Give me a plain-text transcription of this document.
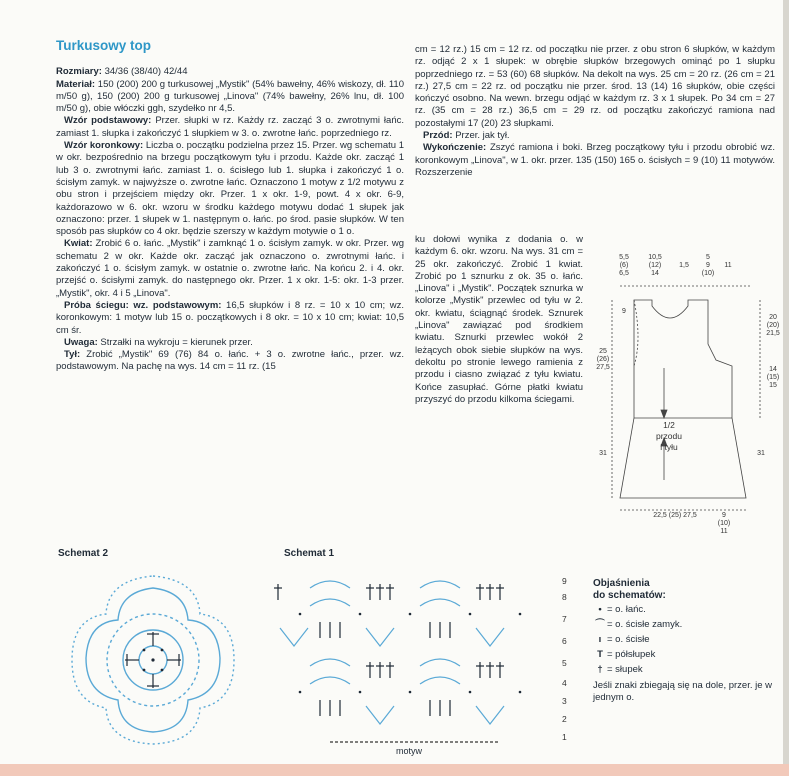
Turkusowy top

Rozmiary: 34/36 (38/40) 42/44

Materiał: 150 (200) 200 g turkusowej „Mystik" (54% bawełny, 46% wiskozy, dł. 110 m/50 g), 150 (200) 200 g turkusowej „Linova" (74% bawełny, 26% lnu, dł. 100 m/50 g), obie włóczki ggh, szydełko nr 4,5.

Wzór podstawowy: Przer. słupki w rz. Każdy rz. zacząć 3 o. zwrotnymi łańc. zamiast 1. słupka i zakończyć 1 słupkiem w 3. o. zwrotne łańc. poprzedniego rz.

Wzór koronkowy: Liczba o. początku podzielna przez 15. Przer. wg schematu 1 w okr. bezpośrednio na brzegu początkowym tyłu i przodu. Każde okr. zacząć 1 lub 3 o. zwrotnymi łańc. zamiast 1. o. ścisłego lub 1. słupka i zakończyć 1 o. ścisłym zamyk. w najwyższe o. zwrotne łańc. Oznaczono 1 motyw z 1/2 motywu z obu stron i przejściem między okr. Przer. 1 x okr. 1-9, powt. 4 x okr. 6-9, każdorazowo w 6. okr. wzoru w środku każdego motywu dodać 1 słupek jak oznaczono: przer. 1 słupek w 1. następnym o. łańc. po środ. pasie słupków. W ten sposób pas słupków co 4 okr. będzie szerszy w każdym motywie o 1 o.

Kwiat: Zrobić 6 o. łańc. „Mystik" i zamknąć 1 o. ścisłym zamyk. w okr. Przer. wg schematu 2 w okr. Każde okr. zacząć jak oznaczono o. zwrotnymi łańc. i zakończyć 1 o. ścisłym zamyk. w ostatnie o. zwrotne łańc. Na końcu 2. i 4. okr. przejść o. ścisłymi zamyk. do następnego okr. Przer. 1 x okr. 1-5: okr. 1-3 przer. „Mystik", okr. 4 i 5 „Linova".

Próba ściegu: wz. podstawowym: 16,5 słupków i 8 rz. = 10 x 10 cm; wz. koronkowym: 1 motyw lub 15 o. początkowych i 8 okr. = 10 x 10 cm; kwiat: 10,5 cm śr.

Uwaga: Strzałki na wykroju = kierunek przer.

Tył: Zrobić „Mystik" 69 (76) 84 o. łańc. + 3 o. zwrotne łańc., przer. wz. podstawowym. Na pachę na wys. 14 cm = 11 rz. (15

cm = 12 rz.) 15 cm = 12 rz. od początku nie przer. z obu stron 6 słupków, w każdym rz. odjąć 2 x 1 słupek: w obrębie słupków brzegowych ominąć po 1 słupku poprzedniego rz. = 53 (60) 68 słupków. Na dekolt na wys. 25 cm = 20 rz. (26 cm = 21 rz.) 27,5 cm = 22 rz. od początku nie przer. środ. 13 (14) 16 słupków, obie części kończyć osobno. Na wewn. brzegu odjąć w każdym rz. 3 x 1 słupek. Po 34 cm = 27 rz. (35 cm = 28 rz.) 36,5 cm = 29 rz. od początku zakończyć ramiona nad pozostałymi 17 (20) 23 słupkami.

Przód: Przer. jak tył.

Wykończenie: Zszyć ramiona i boki. Brzeg początkowy tyłu i przodu obrobić wz. koronkowym „Linova", w 1. okr. przer. 135 (150) 165 o. ścisłych = 9 (10) 11 motywów. Rozszerzenie

ku dołowi wynika z dodania o. w każdym 6. okr. wzoru. Na wys. 31 cm = 25 okr. zakończyć. Zrobić 1 kwiat. Zrobić po 1 sznurku z ok. 35 o. łańc. „Linova" i „Mystik". Początek sznurka w kolorze „Mystik" przewlec od tyłu w 2. okr. kwiatu, ściągnąć środek. Sznurek „Linova" zawiązać pod środkiem kwiatu. Sznurki przewlec wokół 2 leżących obok siebie słupków na wys. dekoltu po stronie lewego ramienia z przodu i ciasno związać z tyłu kwiatu. Końce zasupłać. Górne płatki kwiatu przyszyć do przodu kilkoma ściegami.
5,5
(6)
6,5
10,5
(12)
14
1,5
5
9
(10)
11
9
25
(26)
27,5
20
(20)
21,5
14
(15)
15
31	31
1/2
przodu
i tyłu
22,5 (25) 27,5	9
(10)
11
Schemat 2	Schemat 1
9
8
7
6
5
4
3
2
1
motyw
Objaśnienia
do schematów:
• = o. łańc.
⌒ = o. ścisłe zamyk.
ı = o. ścisłe
T = półsłupek
† = słupek
Jeśli znaki zbiegają się na dole, przer. je w jednym o.
